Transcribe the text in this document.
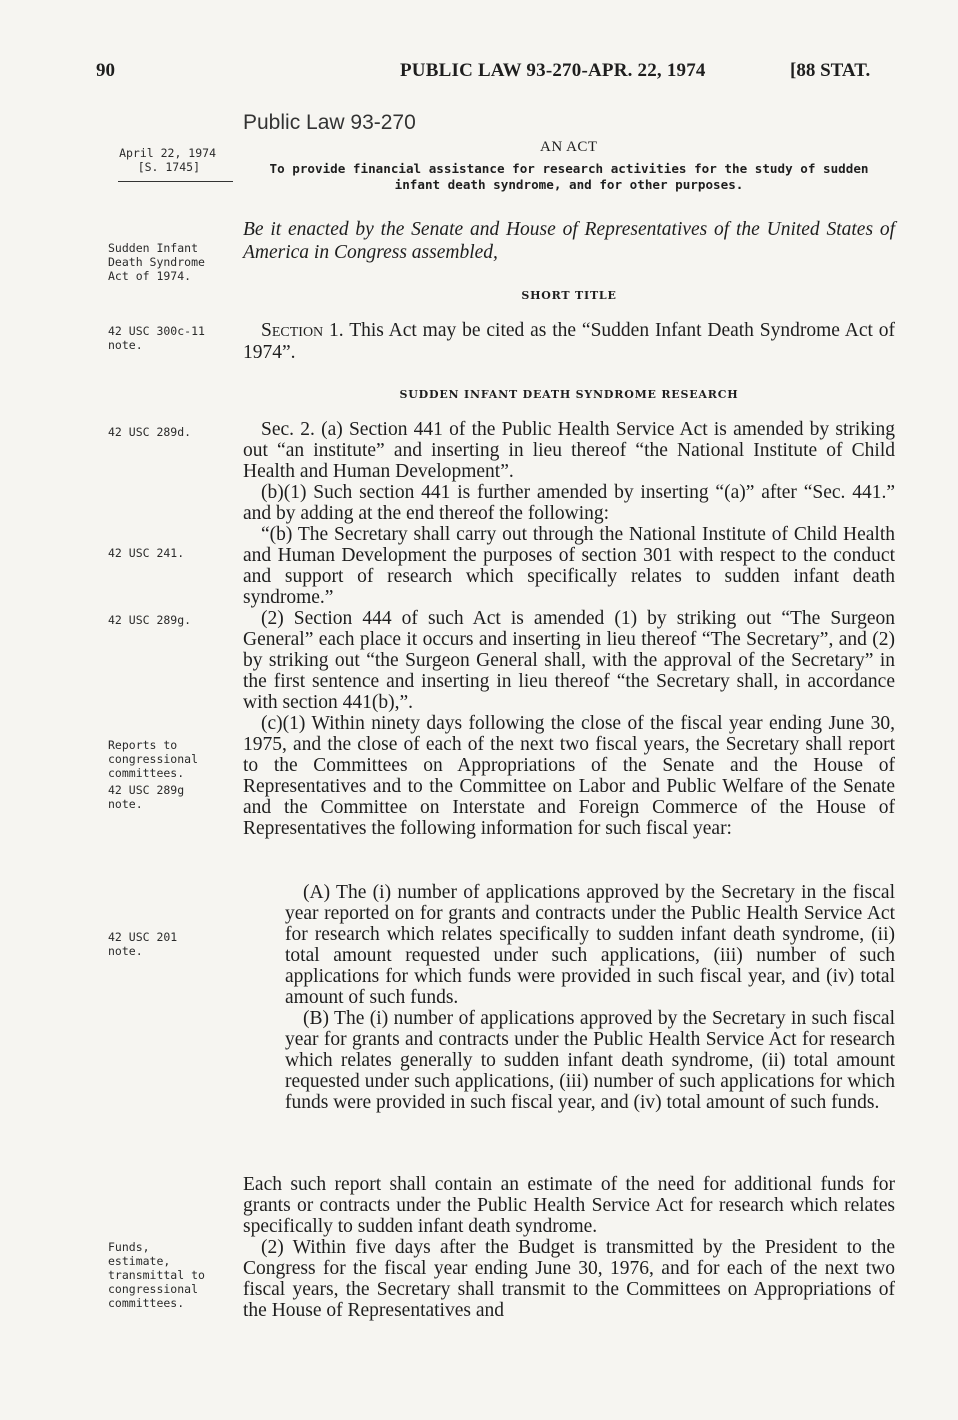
90	PUBLIC LAW 93-270-APR. 22, 1974	[88 STAT.
April 22, 1974
[S. 1745]
Sudden Infant Death Syndrome Act of 1974.
42 USC 300c-11 note.
42 USC 289d.
42 USC 241.
42 USC 289g.
Reports to congressional committees.
42 USC 289g note.
42 USC 201 note.
Funds, estimate, transmittal to congressional committees.
Public Law 93-270
AN ACT
To provide financial assistance for research activities for the study of sudden infant death syndrome, and for other purposes.
Be it enacted by the Senate and House of Representatives of the United States of America in Congress assembled,
SHORT TITLE

Section 1. This Act may be cited as the “Sudden Infant Death Syndrome Act of 1974”.

SUDDEN INFANT DEATH SYNDROME RESEARCH

Sec. 2. (a) Section 441 of the Public Health Service Act is amended by striking out “an institute” and inserting in lieu thereof “the National Institute of Child Health and Human Development”.

(b)(1) Such section 441 is further amended by inserting “(a)” after “Sec. 441.” and by adding at the end thereof the following:

“(b) The Secretary shall carry out through the National Institute of Child Health and Human Development the purposes of section 301 with respect to the conduct and support of research which specifically relates to sudden infant death syndrome.”

(2) Section 444 of such Act is amended (1) by striking out “The Surgeon General” each place it occurs and inserting in lieu thereof “The Secretary”, and (2) by striking out “the Surgeon General shall, with the approval of the Secretary” in the first sentence and inserting in lieu thereof “the Secretary shall, in accordance with section 441(b),”.

(c)(1) Within ninety days following the close of the fiscal year ending June 30, 1975, and the close of each of the next two fiscal years, the Secretary shall report to the Committees on Appropriations of the Senate and the House of Representatives and to the Committee on Labor and Public Welfare of the Senate and the Committee on Interstate and Foreign Commerce of the House of Representatives the following information for such fiscal year:

(A) The (i) number of applications approved by the Secretary in the fiscal year reported on for grants and contracts under the Public Health Service Act for research which relates specifically to sudden infant death syndrome, (ii) total amount requested under such applications, (iii) number of such applications for which funds were provided in such fiscal year, and (iv) total amount of such funds.

(B) The (i) number of applications approved by the Secretary in such fiscal year for grants and contracts under the Public Health Service Act for research which relates generally to sudden infant death syndrome, (ii) total amount requested under such applications, (iii) number of such applications for which funds were provided in such fiscal year, and (iv) total amount of such funds.

Each such report shall contain an estimate of the need for additional funds for grants or contracts under the Public Health Service Act for research which relates specifically to sudden infant death syndrome.

(2) Within five days after the Budget is transmitted by the President to the Congress for the fiscal year ending June 30, 1976, and for each of the next two fiscal years, the Secretary shall transmit to the Committees on Appropriations of the House of Representatives and
